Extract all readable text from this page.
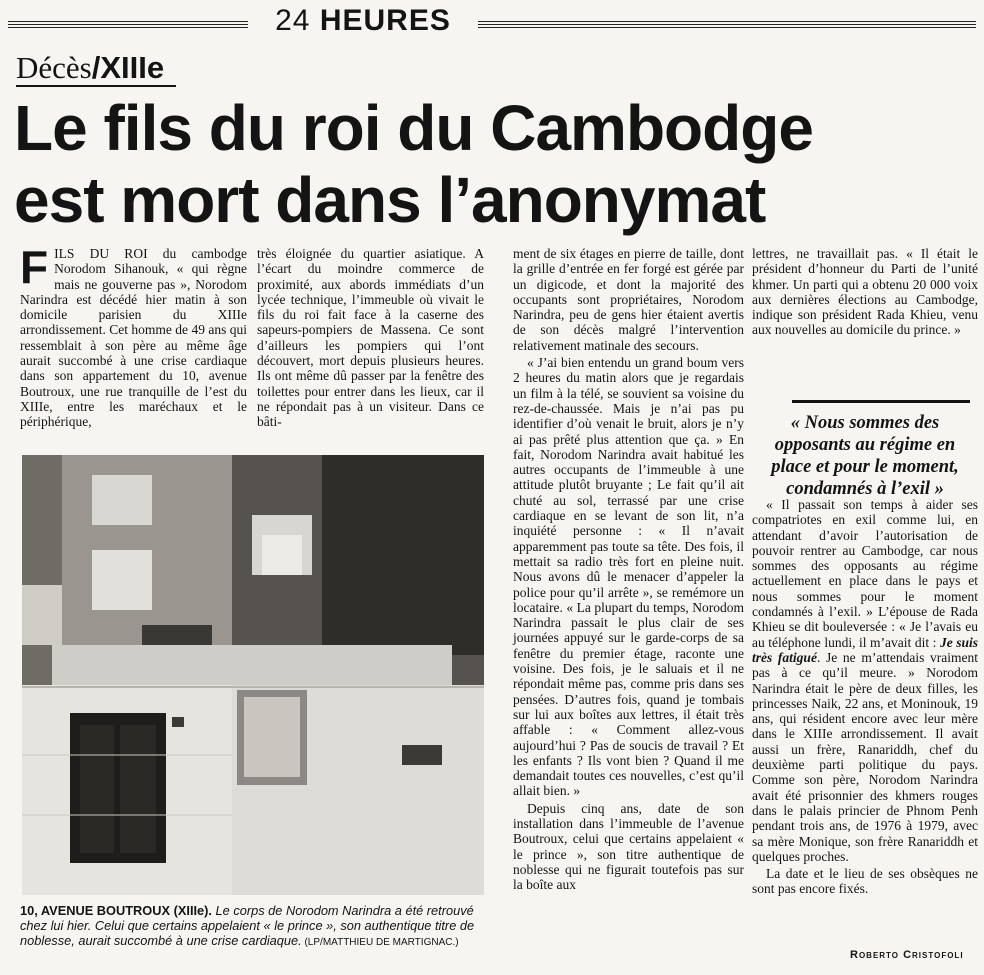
24 HEURES
Décès/XIIIe
Le fils du roi du Cambodge
est mort dans l’anonymat

FILS DU ROI du cambodge Norodom Sihanouk, « qui règne mais ne gouverne pas », Norodom Narindra est décédé hier matin à son domicile parisien du XIIIe arrondissement. Cet homme de 49 ans qui ressemblait à son père au même âge aurait succombé à une crise cardiaque dans son appartement du 10, avenue Boutroux, une rue tranquille de l’est du XIIIe, entre les maréchaux et le périphérique,

très éloignée du quartier asiatique. A l’écart du moindre commerce de proximité, aux abords immédiats d’un lycée technique, l’immeuble où vivait le fils du roi fait face à la caserne des sapeurs-pompiers de Massena. Ce sont d’ailleurs les pompiers qui l’ont découvert, mort depuis plusieurs heures. Ils ont même dû passer par la fenêtre des toilettes pour entrer dans les lieux, car il ne répondait pas à un visiteur. Dans ce bâti-

ment de six étages en pierre de taille, dont la grille d’entrée en fer forgé est gérée par un digicode, et dont la majorité des occupants sont propriétaires, Norodom Narindra, peu de gens hier étaient avertis de son décès malgré l’intervention relativement matinale des secours.

« J’ai bien entendu un grand boum vers 2 heures du matin alors que je regardais un film à la télé, se souvient sa voisine du rez-de-chaussée. Mais je n’ai pas pu identifier d’où venait le bruit, alors je n’y ai pas prêté plus attention que ça. » En fait, Norodom Narindra avait habitué les autres occupants de l’immeuble à une attitude plutôt bruyante ; Le fait qu’il ait chuté au sol, terrassé par une crise cardiaque en se levant de son lit, n’a inquiété personne : « Il n’avait apparemment pas toute sa tête. Des fois, il mettait sa radio très fort en pleine nuit. Nous avons dû le menacer d’appeler la police pour qu’il arrête », se remémore un locataire. « La plupart du temps, Norodom Narindra passait le plus clair de ses journées appuyé sur le garde-corps de sa fenêtre du premier étage, raconte une voisine. Des fois, je le saluais et il ne répondait même pas, comme pris dans ses pensées. D’autres fois, quand je tombais sur lui aux boîtes aux lettres, il était très affable : « Comment allez-vous aujourd’hui ? Pas de soucis de travail ? Et les enfants ? Ils vont bien ? Quand il me demandait toutes ces nouvelles, c’est qu’il allait bien. »

Depuis cinq ans, date de son installation dans l’immeuble de l’avenue Boutroux, celui que certains appelaient « le prince », son titre authentique de noblesse qui ne figurait toutefois pas sur la boîte aux

lettres, ne travaillait pas. « Il était le président d’honneur du Parti de l’unité khmer. Un parti qui a obtenu 20 000 voix aux dernières élections au Cambodge, indique son président Rada Khieu, venu aux nouvelles au domicile du prince. »

« Nous sommes des opposants au régime en place et pour le moment, condamnés à l’exil »

« Il passait son temps à aider ses compatriotes en exil comme lui, en attendant d’avoir l’autorisation de pouvoir rentrer au Cambodge, car nous sommes des opposants au régime actuellement en place dans le pays et nous sommes pour le moment condamnés à l’exil. » L’épouse de Rada Khieu se dit bouleversée : « Je l’avais eu au téléphone lundi, il m’avait dit : Je suis très fatigué. Je ne m’attendais vraiment pas à ce qu’il meure. » Norodom Narindra était le père de deux filles, les princesses Naik, 22 ans, et Moninouk, 19 ans, qui résident encore avec leur mère dans le XIIIe arrondissement. Il avait aussi un frère, Ranariddh, chef du deuxième parti politique du pays. Comme son père, Norodom Narindra avait été prisonnier des khmers rouges dans le palais princier de Phnom Penh pendant trois ans, de 1976 à 1979, avec sa mère Monique, son frère Ranariddh et quelques proches.

La date et le lieu de ses obsèques ne sont pas encore fixés.

10, AVENUE BOUTROUX (XIIIe). Le corps de Norodom Narindra a été retrouvé chez lui hier. Celui que certains appelaient « le prince », son authentique titre de noblesse, aurait succombé à une crise cardiaque. (LP/MATTHIEU DE MARTIGNAC.)
Roberto Cristofoli
